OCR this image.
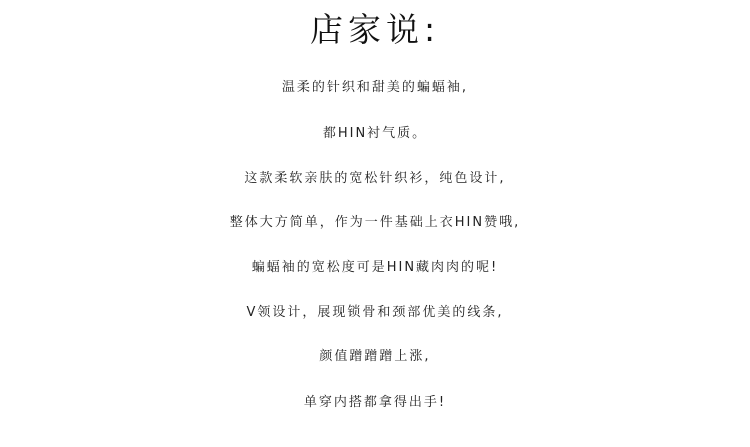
店家说:
温柔的针织和甜美的蝙蝠袖,
都HIN衬气质。
这款柔软亲肤的宽松针织衫，纯色设计,
整体大方简单，作为一件基础上衣HIN赞哦,
蝙蝠袖的宽松度可是HIN藏肉肉的呢!
V领设计，展现锁骨和颈部优美的线条,
颜值蹭蹭蹭上涨,
单穿内搭都拿得出手!
